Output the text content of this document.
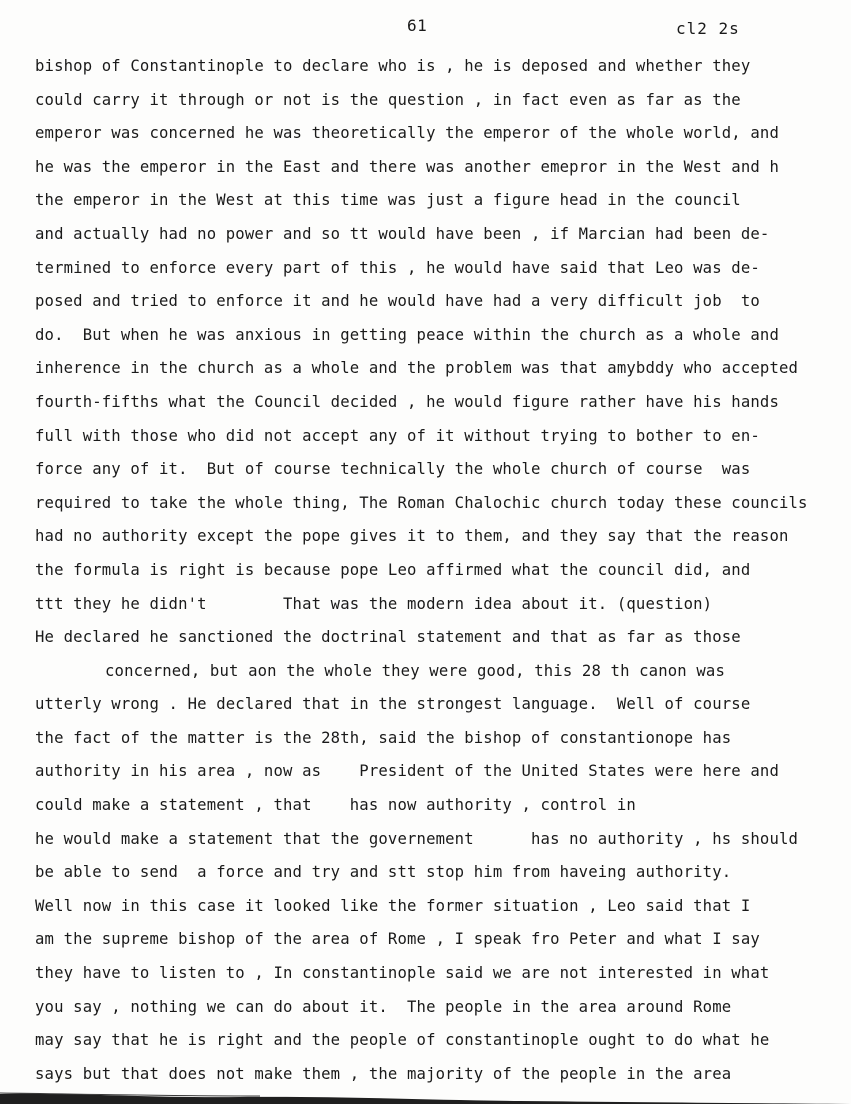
61	cl2 2s
bishop of Constantinople to declare who is , he is deposed and whether they
could carry it through or not is the question , in fact even as far as the
emperor was concerned he was theoretically the emperor of the whole world, and
he was the emperor in the East and there was another emepror in the West and h
the emperor in the West at this time was just a figure head in the council
and actually had no power and so tt would have been , if Marcian had been de-
termined to enforce every part of this , he would have said that Leo was de-
posed and tried to enforce it and he would have had a very difficult job  to
do.  But when he was anxious in getting peace within the church as a whole and
inherence in the church as a whole and the problem was that amybddy who accepted
fourth-fifths what the Council decided , he would figure rather have his hands
full with those who did not accept any of it without trying to bother to en-
force any of it.  But of course technically the whole church of course  was
required to take the whole thing, The Roman Chalochic church today these councils
had no authority except the pope gives it to them, and they say that the reason
the formula is right is because pope Leo affirmed what the council did, and
ttt they he didn't        That was the modern idea about it. (question)
He declared he sanctioned the doctrinal statement and that as far as those
concerned, but aon the whole they were good, this 28 th canon was
utterly wrong . He declared that in the strongest language.  Well of course
the fact of the matter is the 28th, said the bishop of constantionope has
authority in his area , now as    President of the United States were here and
could make a statement , that    has now authority , control in
he would make a statement that the governement      has no authority , hs should
be able to send  a force and try and stt stop him from haveing authority.
Well now in this case it looked like the former situation , Leo said that I
am the supreme bishop of the area of Rome , I speak fro Peter and what I say
they have to listen to , In constantinople said we are not interested in what
you say , nothing we can do about it.  The people in the area around Rome
may say that he is right and the people of constantinople ought to do what he
says but that does not make them , the majority of the people in the area
